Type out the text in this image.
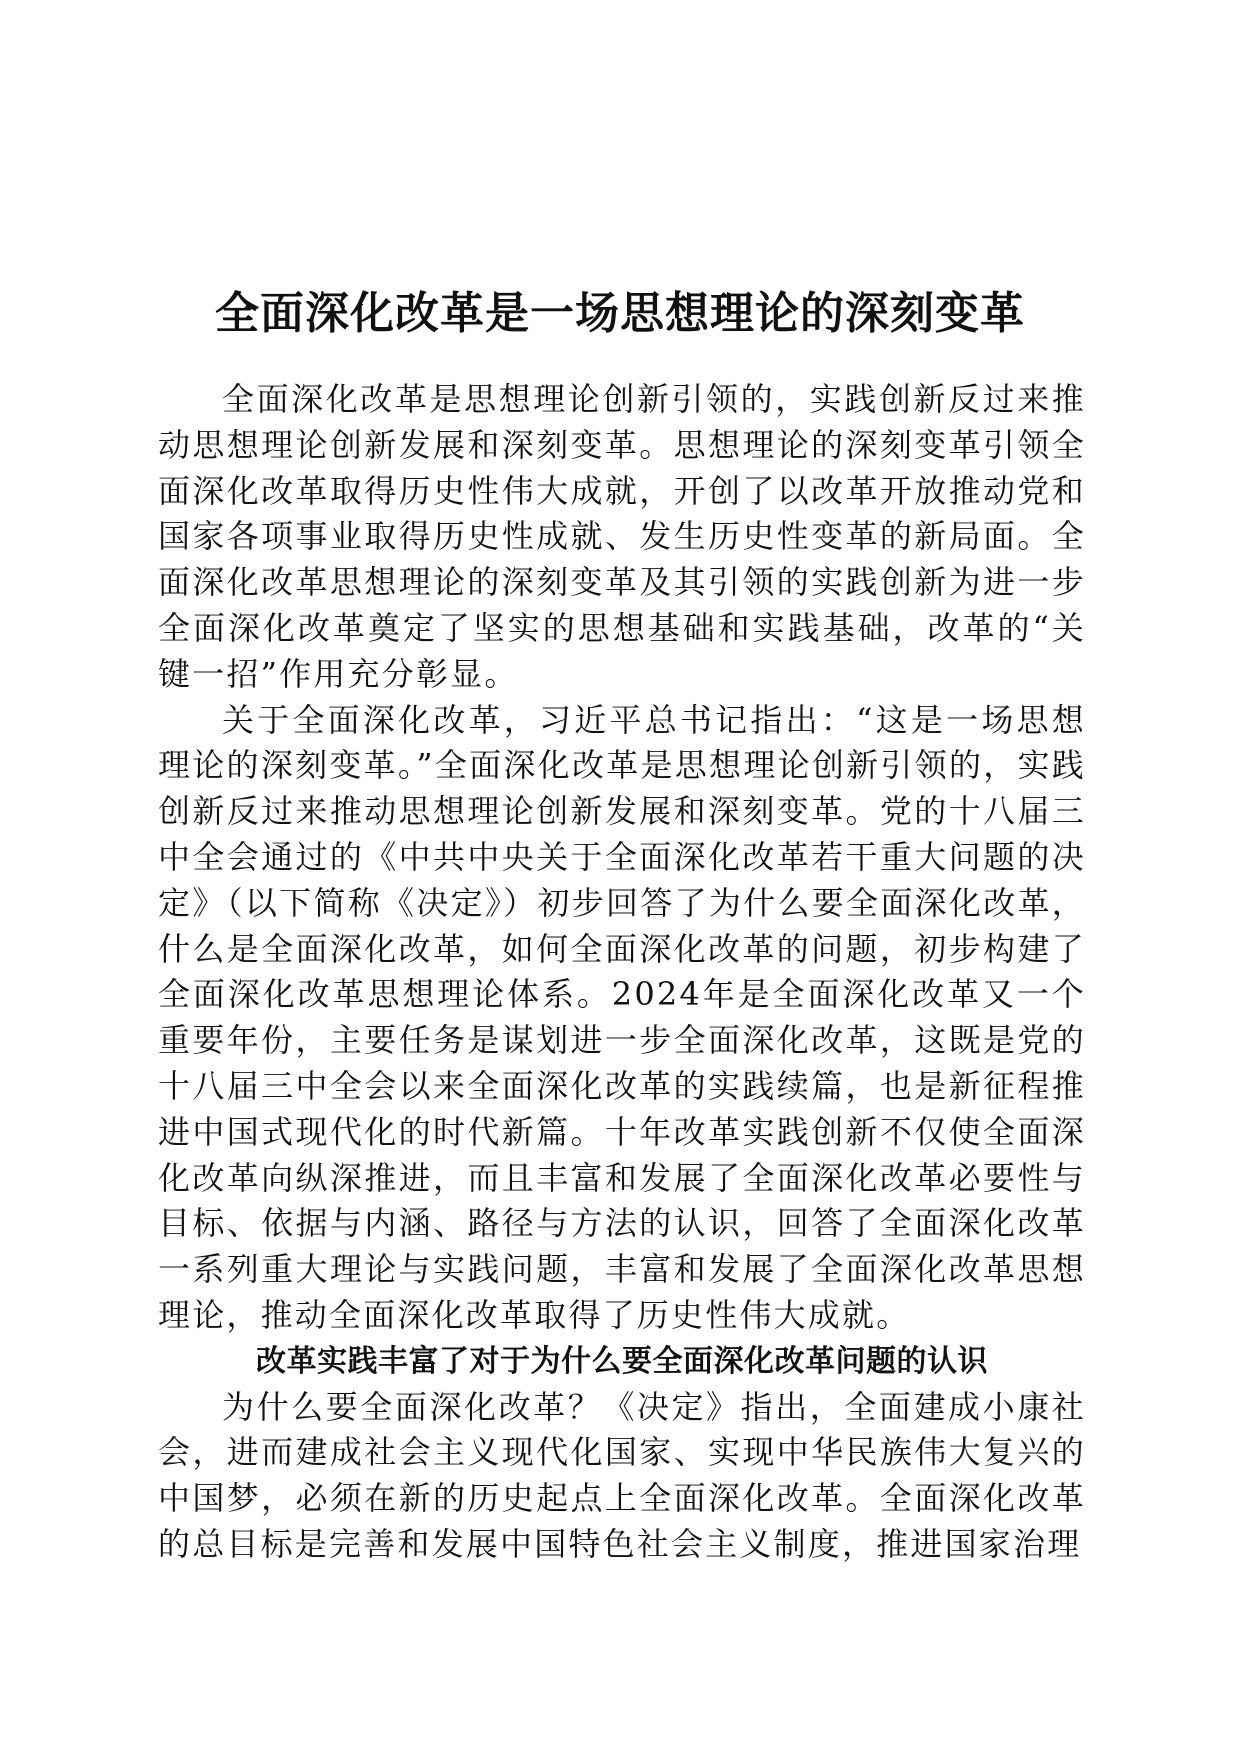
全面深化改革是一场思想理论的深刻变革

全面深化改革是思想理论创新引领的，实践创新反过来推动思想理论创新发展和深刻变革。思想理论的深刻变革引领全面深化改革取得历史性伟大成就，开创了以改革开放推动党和国家各项事业取得历史性成就、发生历史性变革的新局面。全面深化改革思想理论的深刻变革及其引领的实践创新为进一步全面深化改革奠定了坚实的思想基础和实践基础，改革的“关键一招”作用充分彰显。

关于全面深化改革，习近平总书记指出：“这是一场思想理论的深刻变革。”全面深化改革是思想理论创新引领的，实践创新反过来推动思想理论创新发展和深刻变革。党的十八届三中全会通过的《中共中央关于全面深化改革若干重大问题的决定》（以下简称《决定》）初步回答了为什么要全面深化改革，什么是全面深化改革，如何全面深化改革的问题，初步构建了全面深化改革思想理论体系。2024年是全面深化改革又一个重要年份，主要任务是谋划进一步全面深化改革，这既是党的十八届三中全会以来全面深化改革的实践续篇，也是新征程推进中国式现代化的时代新篇。十年改革实践创新不仅使全面深化改革向纵深推进，而且丰富和发展了全面深化改革必要性与目标、依据与内涵、路径与方法的认识，回答了全面深化改革一系列重大理论与实践问题，丰富和发展了全面深化改革思想理论，推动全面深化改革取得了历史性伟大成就。

改革实践丰富了对于为什么要全面深化改革问题的认识

为什么要全面深化改革？《决定》指出，全面建成小康社会，进而建成社会主义现代化国家、实现中华民族伟大复兴的中国梦，必须在新的历史起点上全面深化改革。全面深化改革的总目标是完善和发展中国特色社会主义制度，推进国家治理
